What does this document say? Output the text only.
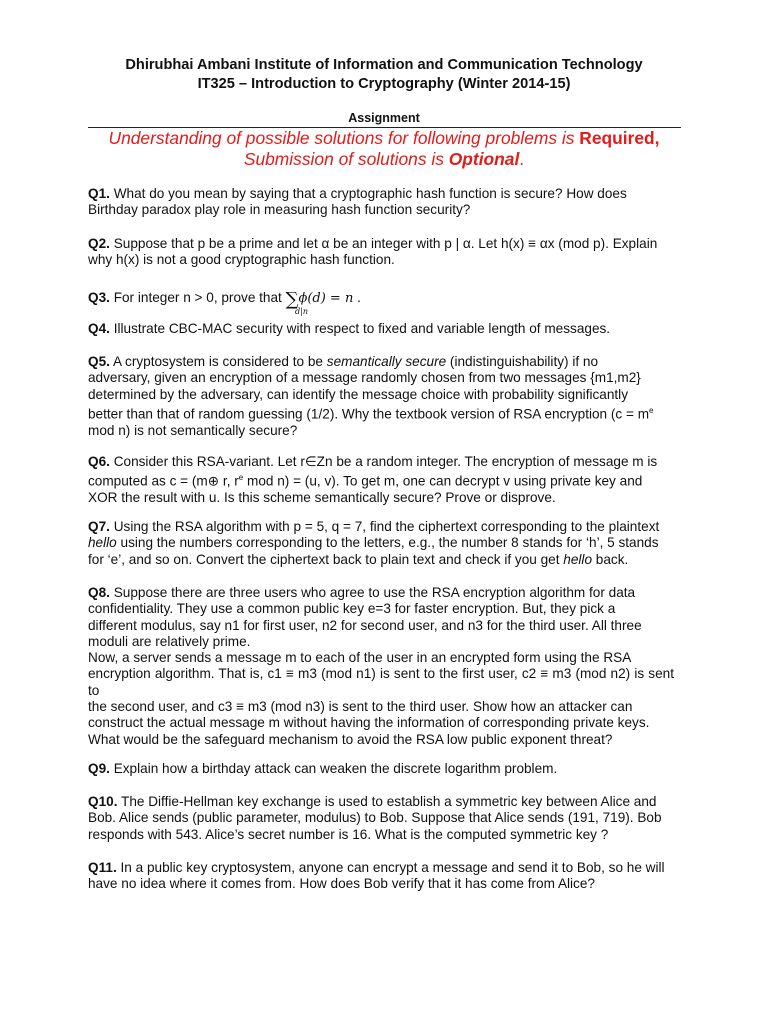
Dhirubhai Ambani Institute of Information and Communication Technology
IT325 – Introduction to Cryptography (Winter 2014-15)
Assignment
Understanding of possible solutions for following problems is Required,
Submission of solutions is Optional.
Q1. What do you mean by saying that a cryptographic hash function is secure? How does
Birthday paradox play role in measuring hash function security?
Q2. Suppose that p be a prime and let α be an integer with p | α. Let h(x) ≡ αx (mod p). Explain
why h(x) is not a good cryptographic hash function.
Q3. For integer n > 0, prove that ∑ϕ(d) = n .
d|n
Q4. Illustrate CBC-MAC security with respect to fixed and variable length of messages.
Q5. A cryptosystem is considered to be semantically secure (indistinguishability) if no
adversary, given an encryption of a message randomly chosen from two messages {m1,m2}
determined by the adversary, can identify the message choice with probability significantly
better than that of random guessing (1/2). Why the textbook version of RSA encryption ($c = m^e$
mod n) is not semantically secure?
Q6. Consider this RSA-variant. Let r∈Zn be a random integer. The encryption of message m is
computed as c = (m⊕ r, $r^e$ mod n) = (u, v). To get m, one can decrypt v using private key and
XOR the result with u. Is this scheme semantically secure? Prove or disprove.
Q7. Using the RSA algorithm with p = 5, q = 7, find the ciphertext corresponding to the plaintext
hello using the numbers corresponding to the letters, e.g., the number 8 stands for ‘h’, 5 stands
for ‘e’, and so on. Convert the ciphertext back to plain text and check if you get hello back.
Q8. Suppose there are three users who agree to use the RSA encryption algorithm for data
confidentiality. They use a common public key e=3 for faster encryption. But, they pick a
different modulus, say n1 for first user, n2 for second user, and n3 for the third user. All three
moduli are relatively prime.
Now, a server sends a message m to each of the user in an encrypted form using the RSA
encryption algorithm. That is, c1 ≡ m3 (mod n1) is sent to the first user, c2 ≡ m3 (mod n2) is sent to
the second user, and c3 ≡ m3 (mod n3) is sent to the third user. Show how an attacker can
construct the actual message m without having the information of corresponding private keys.
What would be the safeguard mechanism to avoid the RSA low public exponent threat?
Q9. Explain how a birthday attack can weaken the discrete logarithm problem.
Q10. The Diffie-Hellman key exchange is used to establish a symmetric key between Alice and
Bob. Alice sends (public parameter, modulus) to Bob. Suppose that Alice sends (191, 719). Bob
responds with 543. Alice’s secret number is 16. What is the computed symmetric key ?
Q11. In a public key cryptosystem, anyone can encrypt a message and send it to Bob, so he will
have no idea where it comes from. How does Bob verify that it has come from Alice?
